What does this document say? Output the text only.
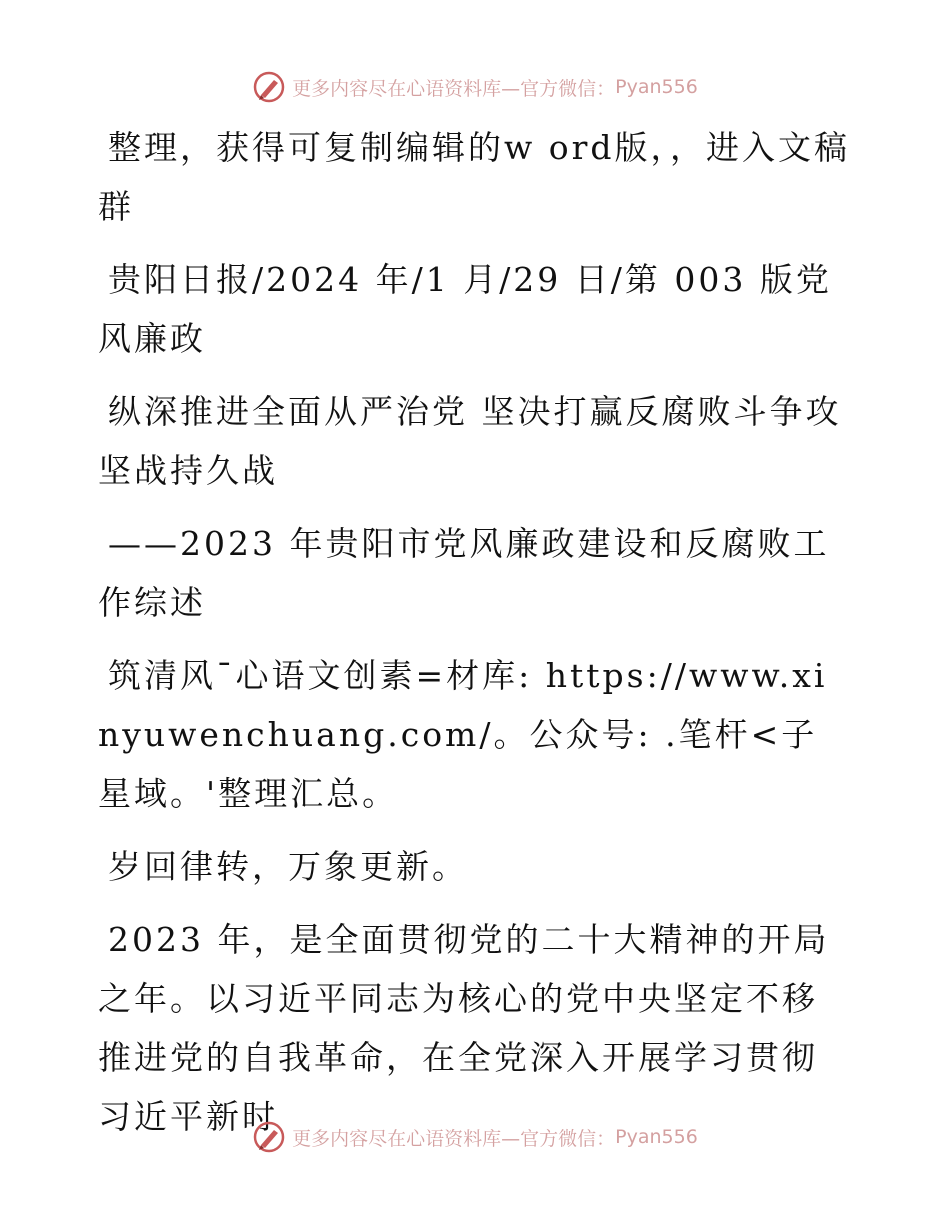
更多内容尽在心语资料库—官方微信： Pyan556

整理，获得可复制编辑的w ord版，，进入文稿群

贵阳日报/2024 年/1 月/29 日/第 003 版党风廉政

纵深推进全面从严治党 坚决打赢反腐败斗争攻坚战持久战

——2023 年贵阳市党风廉政建设和反腐败工作综述

筑清风¯心语文创素=材库: https://www.xinyuwenchuang.com/。公众号: .笔杆<子星域。'整理汇总。

岁回律转，万象更新。

2023 年，是全面贯彻党的二十大精神的开局之年。以习近平同志为核心的党中央坚定不移推进党的自我革命，在全党深入开展学习贯彻习近平新时

更多内容尽在心语资料库—官方微信： Pyan556
